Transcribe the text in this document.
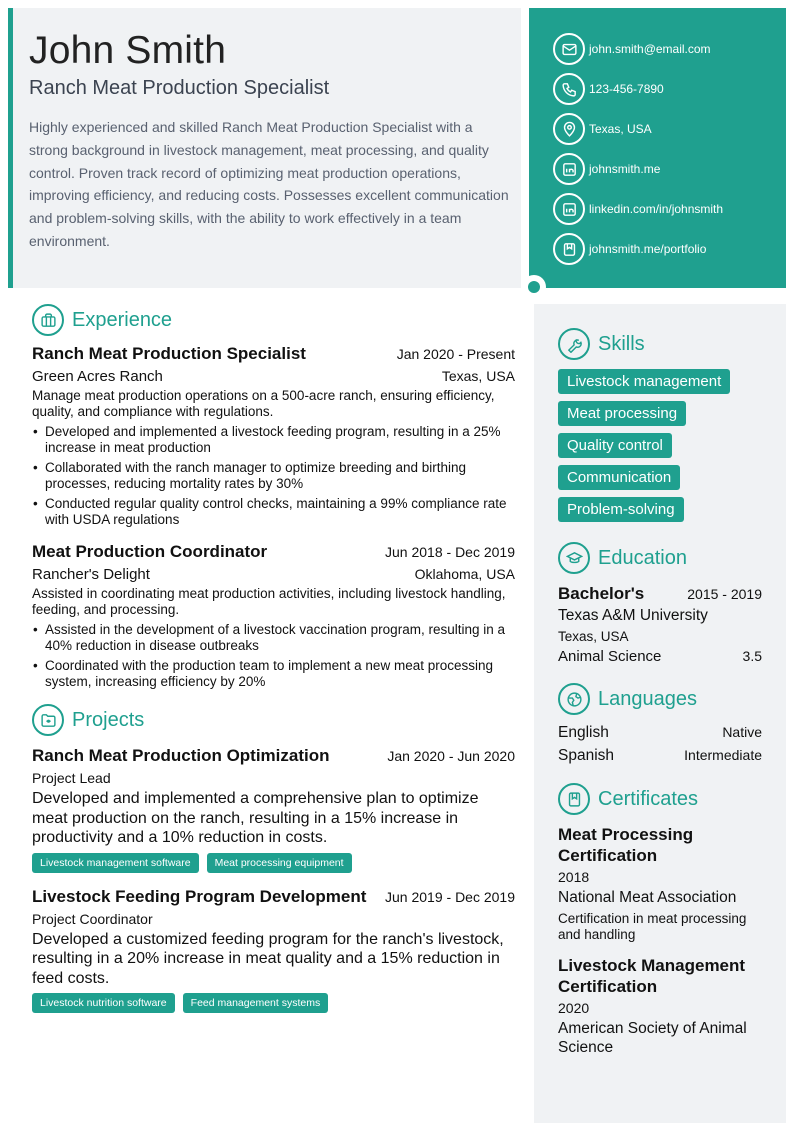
John Smith
Ranch Meat Production Specialist
Highly experienced and skilled Ranch Meat Production Specialist with a strong background in livestock management, meat processing, and quality control. Proven track record of optimizing meat production operations, improving efficiency, and reducing costs. Possesses excellent communication and problem-solving skills, with the ability to work effectively in a team environment.
john.smith@email.com
123-456-7890
Texas, USA
johnsmith.me
linkedin.com/in/johnsmith
johnsmith.me/portfolio
Experience
Ranch Meat Production Specialist	Jan 2020 - Present
Green Acres Ranch	Texas, USA
Manage meat production operations on a 500-acre ranch, ensuring efficiency, quality, and compliance with regulations.
• Developed and implemented a livestock feeding program, resulting in a 25% increase in meat production
• Collaborated with the ranch manager to optimize breeding and birthing processes, reducing mortality rates by 30%
• Conducted regular quality control checks, maintaining a 99% compliance rate with USDA regulations
Meat Production Coordinator	Jun 2018 - Dec 2019
Rancher's Delight	Oklahoma, USA
Assisted in coordinating meat production activities, including livestock handling, feeding, and processing.
• Assisted in the development of a livestock vaccination program, resulting in a 40% reduction in disease outbreaks
• Coordinated with the production team to implement a new meat processing system, increasing efficiency by 20%
Projects
Ranch Meat Production Optimization	Jan 2020 - Jun 2020
Project Lead
Developed and implemented a comprehensive plan to optimize meat production on the ranch, resulting in a 15% increase in productivity and a 10% reduction in costs.
Livestock management software	Meat processing equipment
Livestock Feeding Program Development Jun 2019 - Dec 2019
Project Coordinator
Developed a customized feeding program for the ranch's livestock, resulting in a 20% increase in meat quality and a 15% reduction in feed costs.
Livestock nutrition software	Feed management systems
Skills
Livestock management
Meat processing
Quality control
Communication
Problem-solving
Education
Bachelor's	2015 - 2019
Texas A&M University
Texas, USA
Animal Science	3.5
Languages
English	Native
Spanish	Intermediate
Certificates
Meat Processing Certification
2018
National Meat Association
Certification in meat processing and handling
Livestock Management Certification
2020
American Society of Animal Science
